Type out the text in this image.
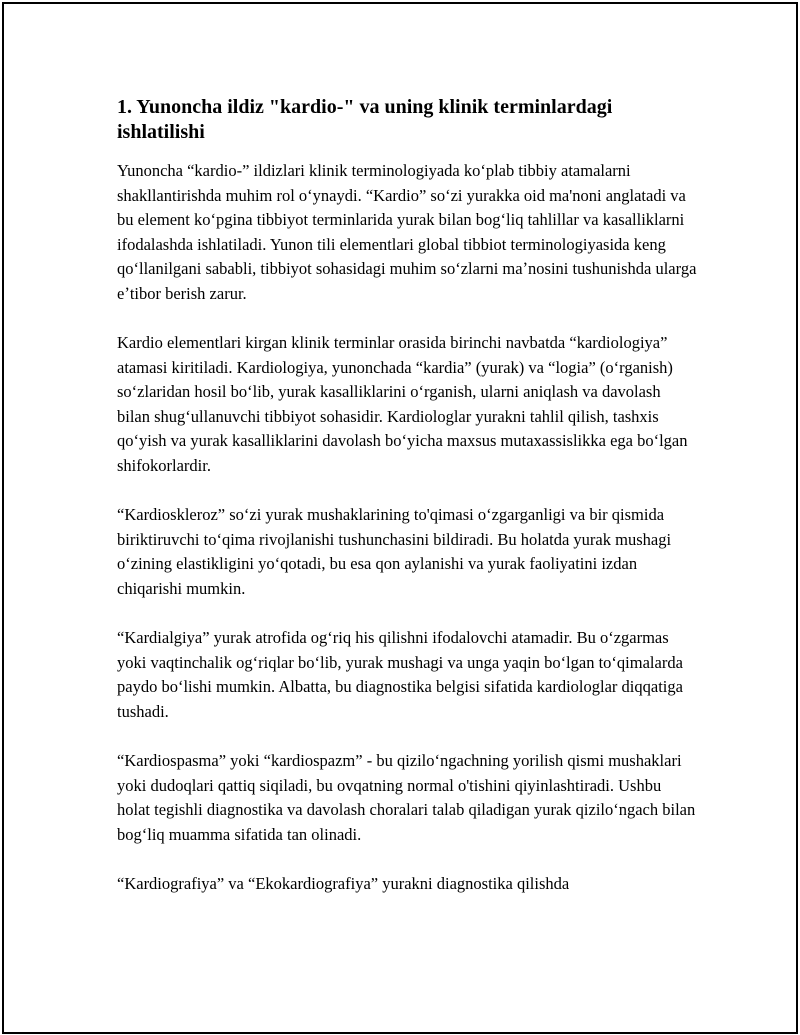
1. Yunoncha ildiz "kardio-" va uning klinik terminlardagi ishlatilishi

Yunoncha “kardio-” ildizlari klinik terminologiyada koʻplab tibbiy atamalarni shakllantirishda muhim rol oʻynaydi. “Kardio” soʻzi yurakka oid ma'noni anglatadi va bu element koʻpgina tibbiyot terminlarida yurak bilan bogʻliq tahlillar va kasalliklarni ifodalashda ishlatiladi. Yunon tili elementlari global tibbiot terminologiyasida keng qoʻllanilgani sababli, tibbiyot sohasidagi muhim soʻzlarni maʼnosini tushunishda ularga eʼtibor berish zarur.

Kardio elementlari kirgan klinik terminlar orasida birinchi navbatda “kardiologiya” atamasi kiritiladi. Kardiologiya, yunonchada “kardia” (yurak) va “logia” (oʻrganish) soʻzlaridan hosil boʻlib, yurak kasalliklarini oʻrganish, ularni aniqlash va davolash bilan shugʻullanuvchi tibbiyot sohasidir. Kardiologlar yurakni tahlil qilish, tashxis qoʻyish va yurak kasalliklarini davolash boʻyicha maxsus mutaxassislikka ega boʻlgan shifokorlardir.

“Kardioskleroz” soʻzi yurak mushaklarining to'qimasi oʻzgarganligi va bir qismida biriktiruvchi toʻqima rivojlanishi tushunchasini bildiradi. Bu holatda yurak mushagi oʻzining elastikligini yoʻqotadi, bu esa qon aylanishi va yurak faoliyatini izdan chiqarishi mumkin.

“Kardialgiya” yurak atrofida ogʻriq his qilishni ifodalovchi atamadir. Bu oʻzgarmas yoki vaqtinchalik ogʻriqlar boʻlib, yurak mushagi va unga yaqin boʻlgan toʻqimalarda paydo boʻlishi mumkin. Albatta, bu diagnostika belgisi sifatida kardiologlar diqqatiga tushadi.

“Kardiospasma” yoki “kardiospazm” - bu qiziloʻngachning yorilish qismi mushaklari yoki dudoqlari qattiq siqiladi, bu ovqatning normal o'tishini qiyinlashtiradi. Ushbu holat tegishli diagnostika va davolash choralari talab qiladigan yurak qiziloʻngach bilan bogʻliq muamma sifatida tan olinadi.

“Kardiografiya” va “Ekokardiografiya” yurakni diagnostika qilishda
